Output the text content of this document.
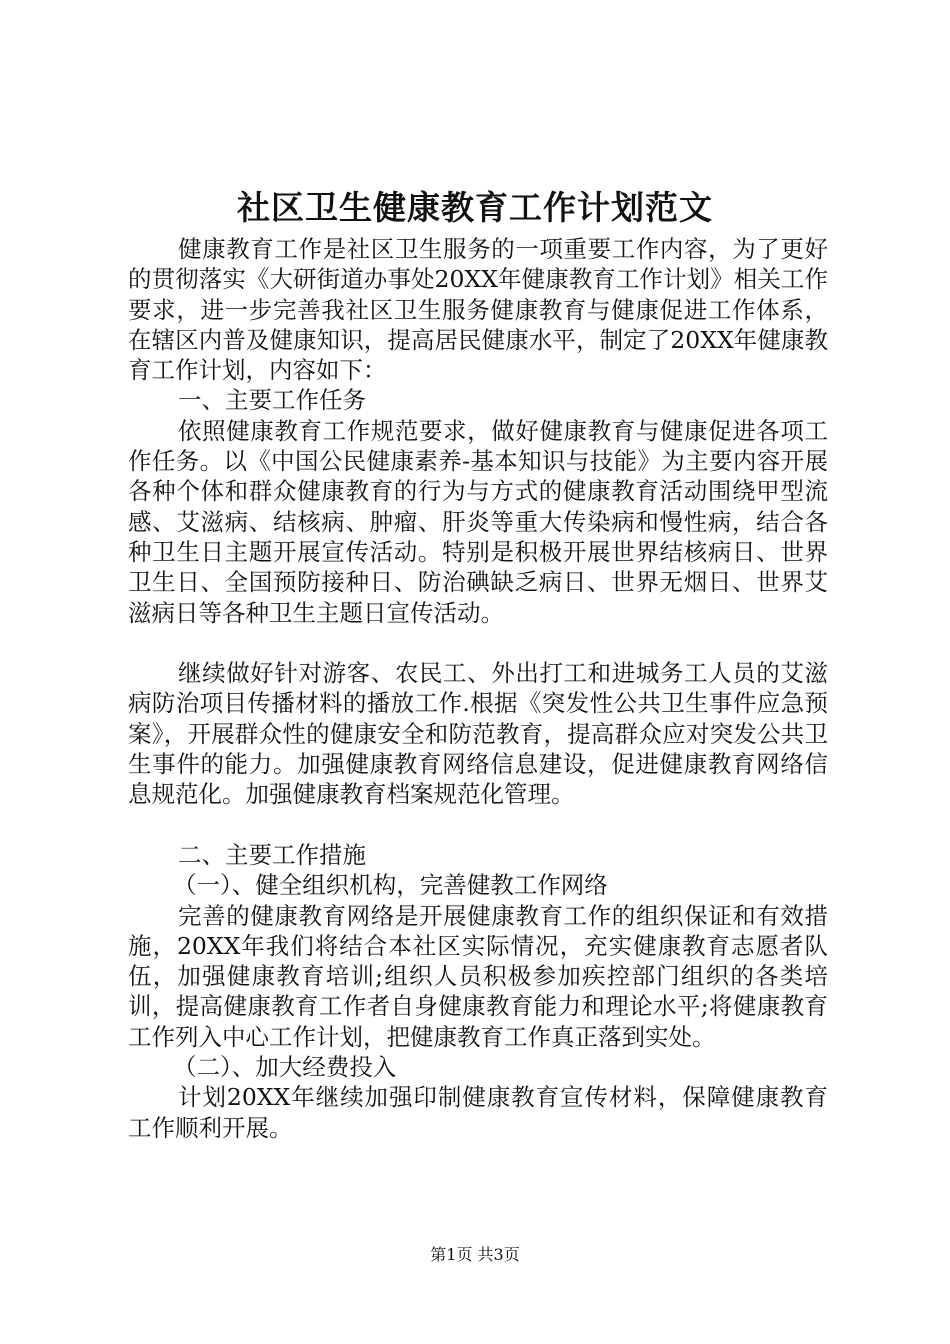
社区卫生健康教育工作计划范文

健康教育工作是社区卫生服务的一项重要工作内容，为了更好的贯彻落实《大研街道办事处20XX年健康教育工作计划》相关工作要求，进一步完善我社区卫生服务健康教育与健康促进工作体系，在辖区内普及健康知识，提高居民健康水平，制定了20XX年健康教育工作计划，内容如下：

一、主要工作任务

依照健康教育工作规范要求，做好健康教育与健康促进各项工作任务。以《中国公民健康素养-基本知识与技能》为主要内容开展各种个体和群众健康教育的行为与方式的健康教育活动围绕甲型流感、艾滋病、结核病、肿瘤、肝炎等重大传染病和慢性病，结合各种卫生日主题开展宣传活动。特别是积极开展世界结核病日、世界卫生日、全国预防接种日、防治碘缺乏病日、世界无烟日、世界艾滋病日等各种卫生主题日宣传活动。

继续做好针对游客、农民工、外出打工和进城务工人员的艾滋病防治项目传播材料的播放工作.根据《突发性公共卫生事件应急预案》，开展群众性的健康安全和防范教育，提高群众应对突发公共卫生事件的能力。加强健康教育网络信息建设，促进健康教育网络信息规范化。加强健康教育档案规范化管理。

二、主要工作措施

（一）、健全组织机构，完善健教工作网络

完善的健康教育网络是开展健康教育工作的组织保证和有效措施，20XX年我们将结合本社区实际情况，充实健康教育志愿者队伍，加强健康教育培训;组织人员积极参加疾控部门组织的各类培训，提高健康教育工作者自身健康教育能力和理论水平;将健康教育工作列入中心工作计划，把健康教育工作真正落到实处。

（二）、加大经费投入

计划20XX年继续加强印制健康教育宣传材料，保障健康教育工作顺利开展。

第1页 共3页
